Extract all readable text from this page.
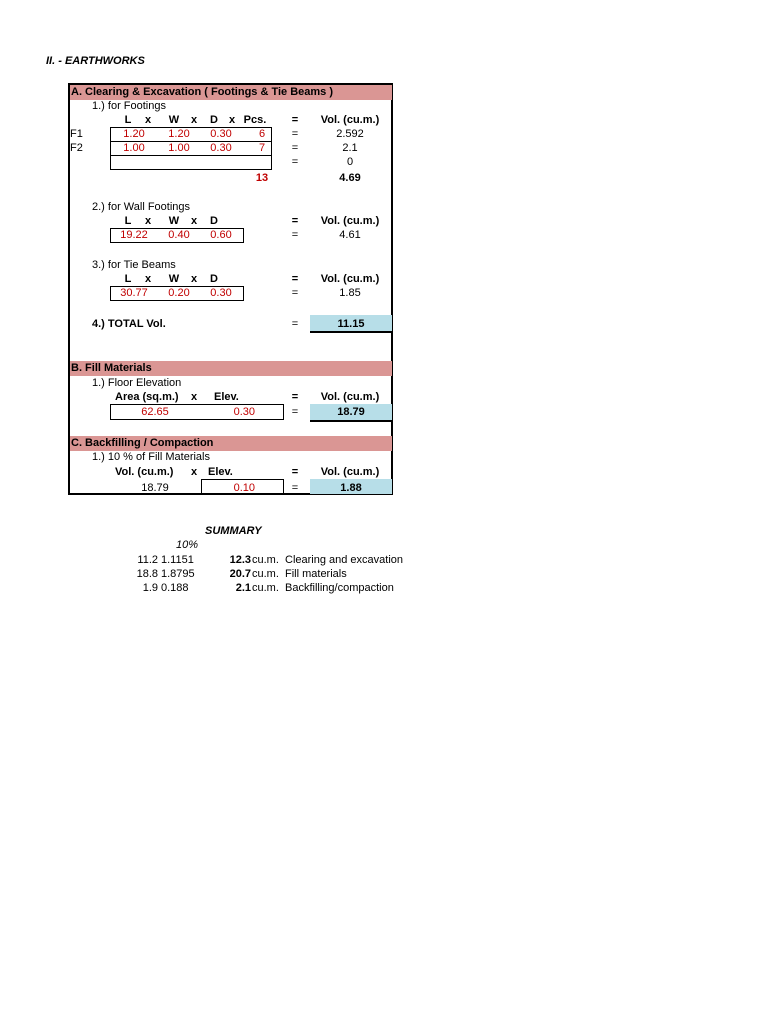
II. - EARTHWORKS
A. Clearing & Excavation ( Footings & Tie Beams )
1.) for Footings
L	x	W	x	D x Pcs.	=	Vol. (cu.m.)
F1	1.20	1.20	0.30	6	=	2.592
F2	1.00	1.00	0.30	7	=	2.1
=	0
13	4.69
2.) for Wall Footings
L	x	W	x	D	=	Vol. (cu.m.)
19.22	0.40	0.60	=	4.61
3.) for Tie Beams
L	x	W	x	D	=	Vol. (cu.m.)
30.77	0.20	0.30	=	1.85
4.) TOTAL Vol.	=	11.15
B. Fill Materials
1.) Floor Elevation
Area (sq.m.) x Elev.	=	Vol. (cu.m.)
62.65	0.30	=	18.79
C. Backfilling / Compaction
1.) 10 % of Fill Materials
Vol. (cu.m.) x Elev.	=	Vol. (cu.m.)
18.79	0.10	=	1.88
SUMMARY
10%
11.2 1.1151	12.3 cu.m. Clearing and excavation
18.8 1.8795	20.7 cu.m. Fill materials
1.9 0.188	2.1 cu.m. Backfilling/compaction
